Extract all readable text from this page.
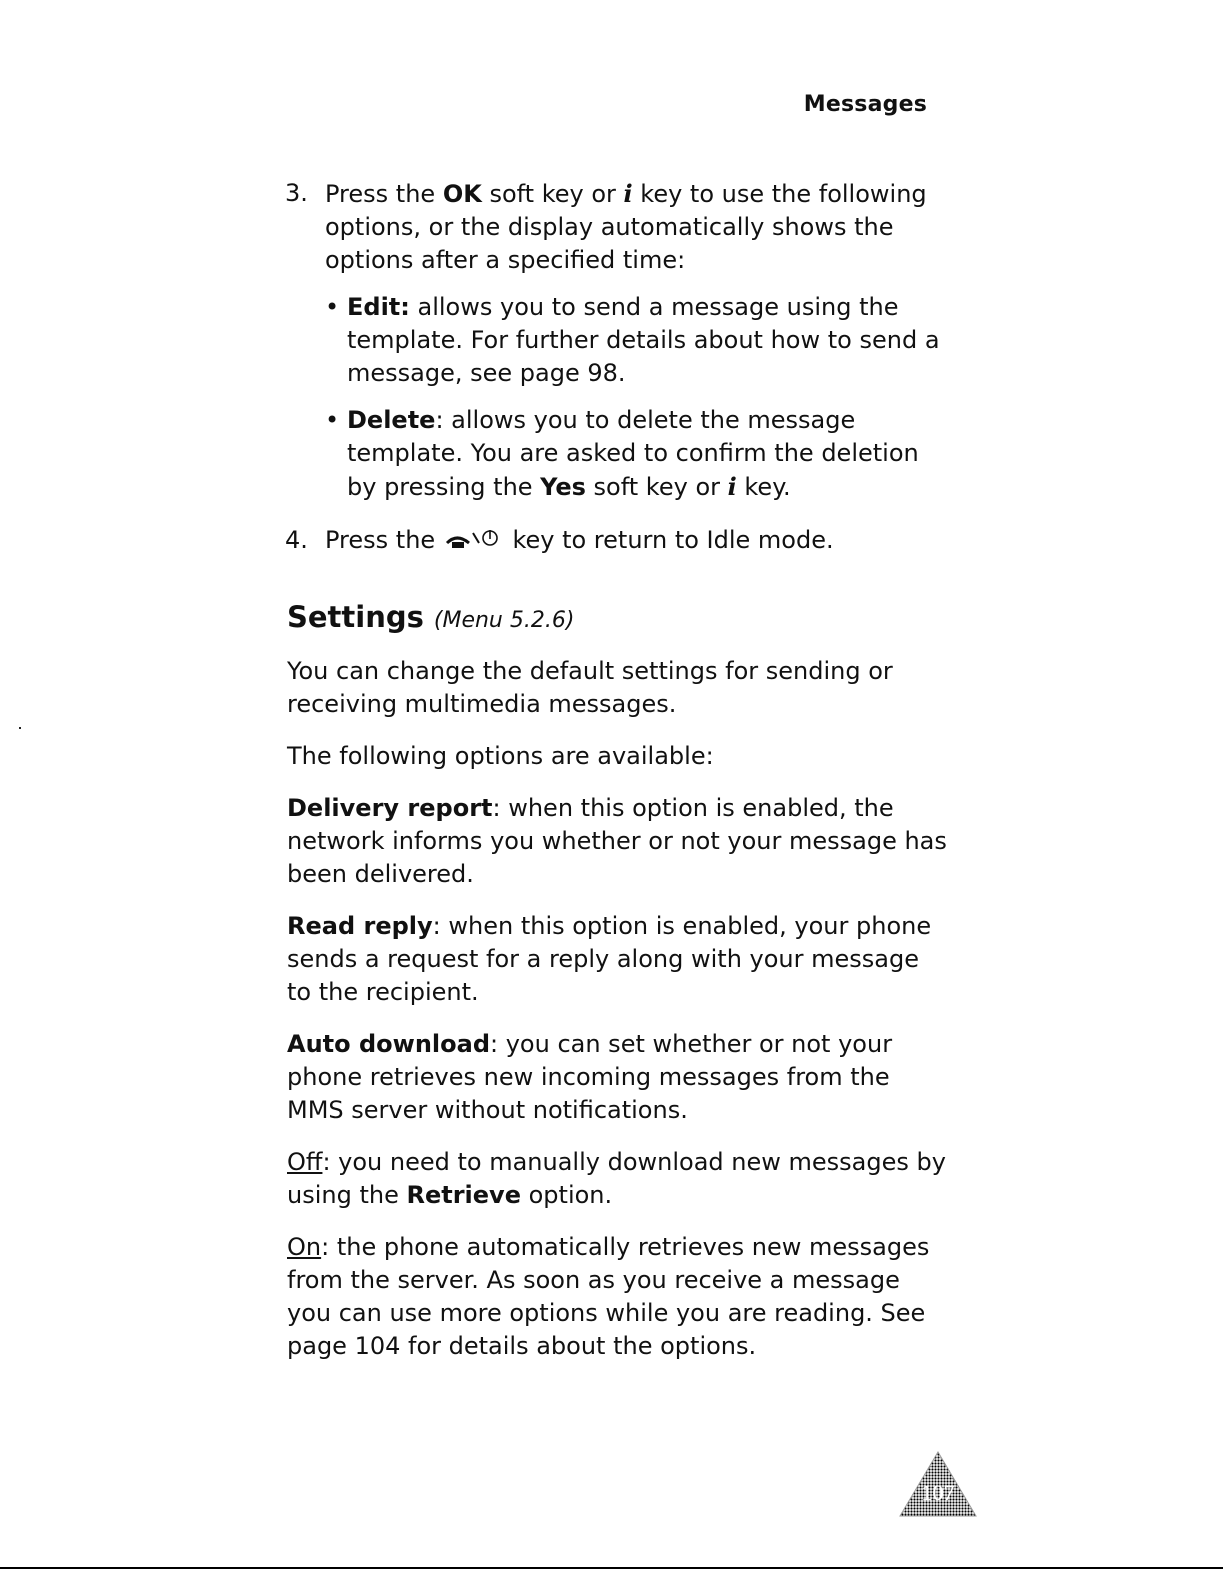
Messages
3. Press the OK soft key or i key to use the following options, or the display automatically shows the options after a specified time:
• Edit: allows you to send a message using the template. For further details about how to send a message, see page 98.
• Delete: allows you to delete the message template. You are asked to confirm the deletion by pressing the Yes soft key or i key.
4. Press the	key to return to Idle mode.
Settings (Menu 5.2.6)

You can change the default settings for sending or receiving multimedia messages.

The following options are available:

Delivery report: when this option is enabled, the network informs you whether or not your message has been delivered.

Read reply: when this option is enabled, your phone sends a request for a reply along with your message to the recipient.

Auto download: you can set whether or not your phone retrieves new incoming messages from the MMS server without notifications.

Off: you need to manually download new messages by using the Retrieve option.

On: the phone automatically retrieves new messages from the server. As soon as you receive a message you can use more options while you are reading. See page 104 for details about the options.

107
